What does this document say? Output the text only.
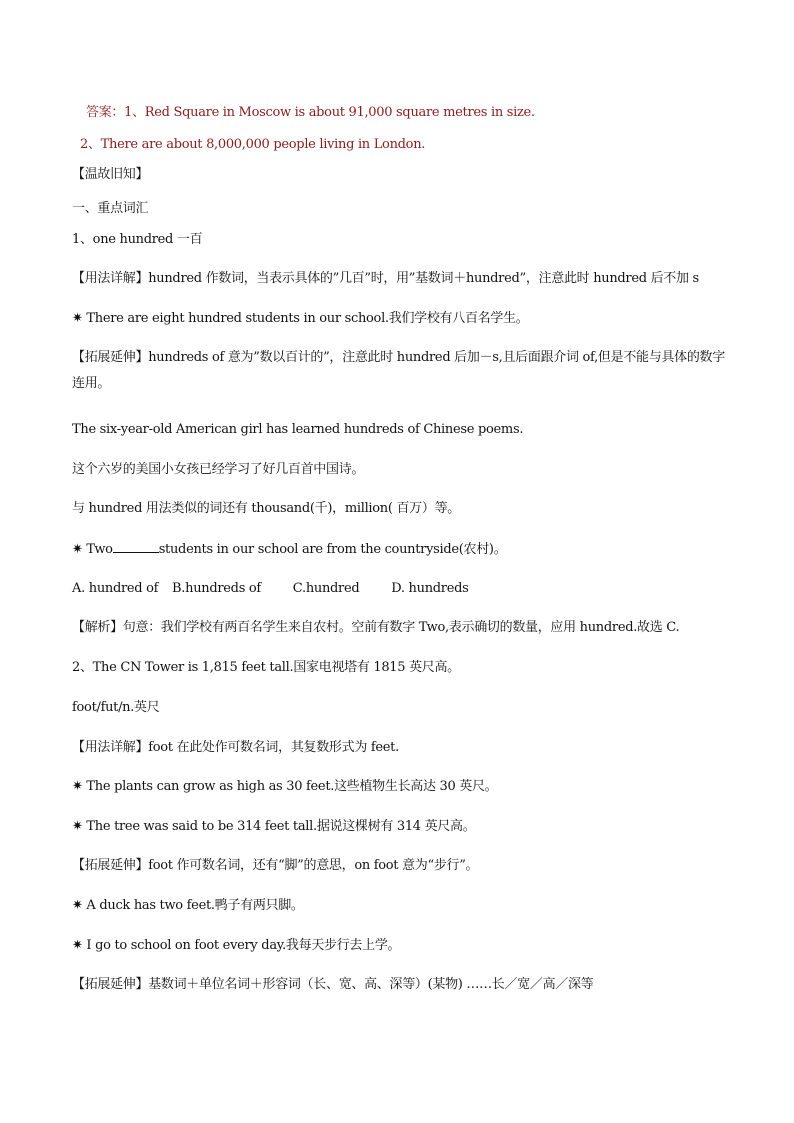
答案：1、Red Square in Moscow is about 91,000 square metres in size.
2、There are about 8,000,000 people living in London.
【温故旧知】
一、重点词汇
1、one hundred 一百
【用法详解】hundred 作数词，当表示具体的”几百”时，用”基数词＋hundred”，注意此时 hundred 后不加 s
✷ There are eight hundred students in our school.我们学校有八百名学生。
【拓展延伸】hundreds of 意为”数以百计的”，注意此时 hundred 后加－s,且后面跟介词 of,但是不能与具体的数字连用。
The six-year-old American girl has learned hundreds of Chinese poems.
这个六岁的美国小女孩已经学习了好几百首中国诗。
与 hundred 用法类似的词还有 thousand(千)，million( 百万）等。
✷ Two	students in our school are from the countryside(农村)。
A. hundred of B.hundreds of C.hundred D. hundreds
【解析】句意：我们学校有两百名学生来自农村。空前有数字 Two,表示确切的数量，应用 hundred.故选 C.
2、The CN Tower is 1,815 feet tall.国家电视塔有 1815 英尺高。
foot/fut/n.英尺
【用法详解】foot 在此处作可数名词，其复数形式为 feet.
✷ The plants can grow as high as 30 feet.这些植物生长高达 30 英尺。
✷ The tree was said to be 314 feet tall.据说这棵树有 314 英尺高。
【拓展延伸】foot 作可数名词，还有“脚”的意思，on foot 意为“步行”。
✷ A duck has two feet.鸭子有两只脚。
✷ I go to school on foot every day.我每天步行去上学。
【拓展延伸】基数词＋单位名词＋形容词（长、宽、高、深等）(某物) ……长／宽／高／深等
